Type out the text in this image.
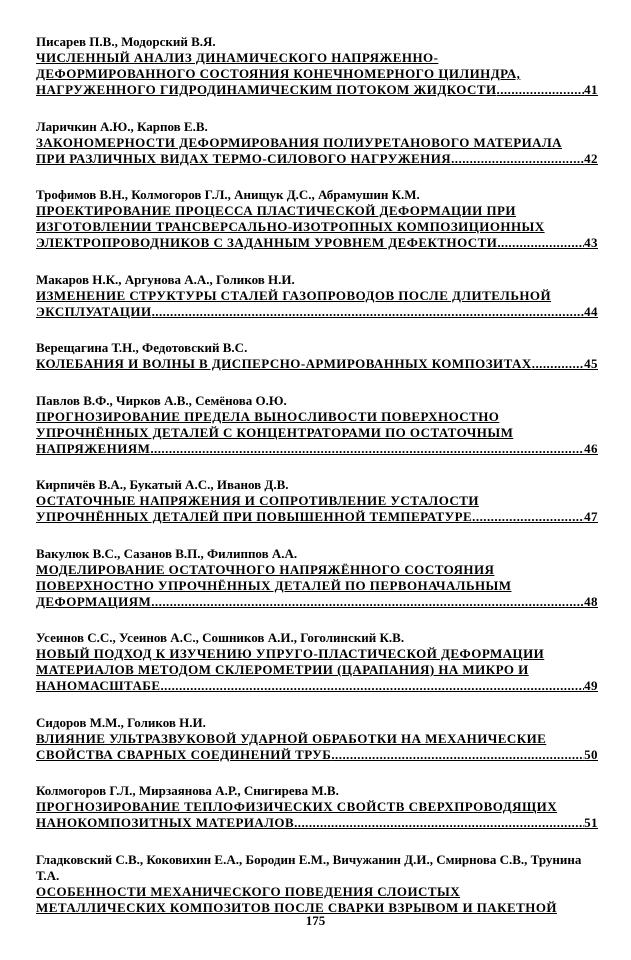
Писарев П.В., Модорский В.Я.
ЧИСЛЕННЫЙ АНАЛИЗ ДИНАМИЧЕСКОГО НАПРЯЖЕННО-
ДЕФОРМИРОВАННОГО СОСТОЯНИЯ КОНЕЧНОМЕРНОГО ЦИЛИНДРА,
НАГРУЖЕННОГО ГИДРОДИНАМИЧЕСКИМ ПОТОКОМ ЖИДКОСТИ .....	41
Ларичкин А.Ю., Карпов Е.В.
ЗАКОНОМЕРНОСТИ ДЕФОРМИРОВАНИЯ ПОЛИУРЕТАНОВОГО МАТЕРИАЛА
ПРИ РАЗЛИЧНЫХ ВИДАХ ТЕРМО-СИЛОВОГО НАГРУЖЕНИЯ .....	42
Трофимов В.Н., Колмогоров Г.Л., Анищук Д.С., Абрамушин К.М.
ПРОЕКТИРОВАНИЕ ПРОЦЕССА ПЛАСТИЧЕСКОЙ ДЕФОРМАЦИИ ПРИ
ИЗГОТОВЛЕНИИ ТРАНСВЕРСАЛЬНО-ИЗОТРОПНЫХ КОМПОЗИЦИОННЫХ
ЭЛЕКТРОПРОВОДНИКОВ С ЗАДАННЫМ УРОВНЕМ ДЕФЕКТНОСТИ .....	43
Макаров Н.К., Аргунова А.А., Голиков Н.И.
ИЗМЕНЕНИЕ СТРУКТУРЫ СТАЛЕЙ ГАЗОПРОВОДОВ ПОСЛЕ ДЛИТЕЛЬНОЙ
ЭКСПЛУАТАЦИИ .....	44
Верещагина Т.Н., Федотовский В.С.
КОЛЕБАНИЯ И ВОЛНЫ В ДИСПЕРСНО-АРМИРОВАННЫХ КОМПОЗИТАХ .....	45
Павлов В.Ф., Чирков А.В., Семёнова О.Ю.
ПРОГНОЗИРОВАНИЕ ПРЕДЕЛА ВЫНОСЛИВОСТИ ПОВЕРХНОСТНО
УПРОЧНЁННЫХ ДЕТАЛЕЙ С КОНЦЕНТРАТОРАМИ ПО ОСТАТОЧНЫМ
НАПРЯЖЕНИЯМ .....	46
Кирпичёв В.А., Букатый А.С., Иванов Д.В.
ОСТАТОЧНЫЕ НАПРЯЖЕНИЯ И СОПРОТИВЛЕНИЕ УСТАЛОСТИ
УПРОЧНЁННЫХ ДЕТАЛЕЙ ПРИ ПОВЫШЕННОЙ ТЕМПЕРАТУРЕ .....	47
Вакулюк В.С., Сазанов В.П., Филиппов А.А.
МОДЕЛИРОВАНИЕ ОСТАТОЧНОГО НАПРЯЖЁННОГО СОСТОЯНИЯ
ПОВЕРХНОСТНО УПРОЧНЁННЫХ ДЕТАЛЕЙ ПО ПЕРВОНАЧАЛЬНЫМ
ДЕФОРМАЦИЯМ .....	48
Усеинов С.С., Усеинов А.С., Сошников А.И., Гоголинский К.В.
НОВЫЙ ПОДХОД К ИЗУЧЕНИЮ УПРУГО-ПЛАСТИЧЕСКОЙ ДЕФОРМАЦИИ
МАТЕРИАЛОВ МЕТОДОМ СКЛЕРОМЕТРИИ (ЦАРАПАНИЯ) НА МИКРО И
НАНОМАСШТАБЕ .....	49
Сидоров М.М., Голиков Н.И.
ВЛИЯНИЕ УЛЬТРАЗВУКОВОЙ УДАРНОЙ ОБРАБОТКИ НА МЕХАНИЧЕСКИЕ
СВОЙСТВА СВАРНЫХ СОЕДИНЕНИЙ ТРУБ .....	50
Колмогоров Г.Л., Мирзаянова А.Р., Снигирева М.В.
ПРОГНОЗИРОВАНИЕ ТЕПЛОФИЗИЧЕСКИХ СВОЙСТВ СВЕРХПРОВОДЯЩИХ
НАНОКОМПОЗИТНЫХ МАТЕРИАЛОВ .....	51
Гладковский С.В., Коковихин Е.А., Бородин Е.М., Вичужанин Д.И., Смирнова С.В., Трунина Т.А.
ОСОБЕННОСТИ МЕХАНИЧЕСКОГО ПОВЕДЕНИЯ СЛОИСТЫХ
МЕТАЛЛИЧЕСКИХ КОМПОЗИТОВ ПОСЛЕ СВАРКИ ВЗРЫВОМ И ПАКЕТНОЙ
175
